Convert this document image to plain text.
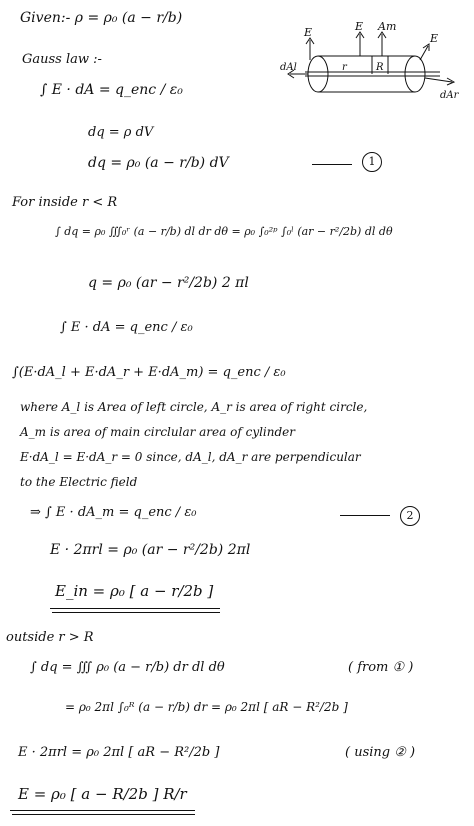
Given:- ρ = ρ₀ (a − r/b)
Gauss law :-
∫ E · dA = q_enc / ε₀
dq = ρ dV
dq = ρ₀ (a − r/b) dV	1
For inside r < R
∫ dq = ρ₀ ∭₀ʳ (a − r/b) dl dr dθ = ρ₀ ∫₀²ᵖ ∫₀ˡ (ar − r²/2b) dl dθ
q = ρ₀ (ar − r²/2b) 2 πl
∫ E · dA = q_enc / ε₀
∫(E·dA_l + E·dA_r + E·dA_m) = q_enc / ε₀
where A_l is Area of left circle, A_r is area of right circle,
A_m is area of main circlular area of cylinder
E·dA_l = E·dA_r = 0 since, dA_l, dA_r are perpendicular
to the Electric field
⇒ ∫ E · dA_m = q_enc / ε₀	2
E · 2πrl = ρ₀ (ar − r²/2b) 2πl
E_in = ρ₀ [ a − r/2b ]
outside r > R
∫ dq = ∭ ρ₀ (a − r/b) dr dl dθ	( from ① )
= ρ₀ 2πl ∫₀ᴿ (a − r/b) dr = ρ₀ 2πl [ aR − R²/2b ]
E · 2πrl = ρ₀ 2πl [ aR − R²/2b ]	( using ② )
E = ρ₀ [ a − R/2b ] R/r
E	E Am
E
r	R
dAl
dAr
